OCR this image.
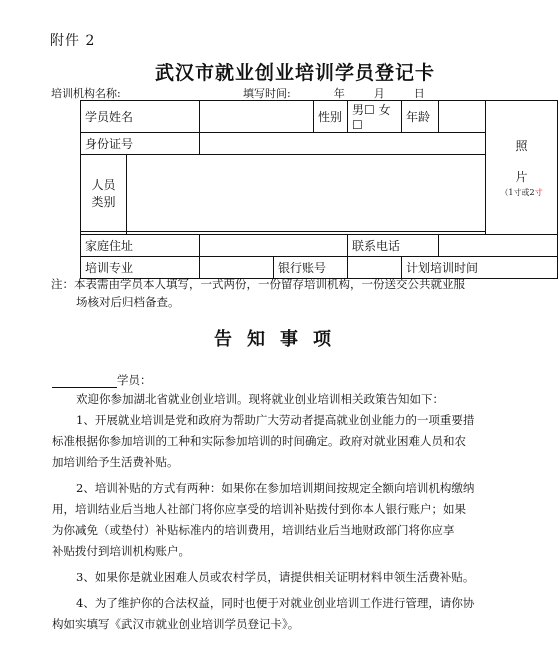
附件 2
武汉市就业创业培训学员登记卡
培训机构名称:	填写时间:	年	月	日
学员姓名				性别	男☐ 女☐	年龄		照
片
（1寸或2寸

身份证号								

人员
类别								

家庭住址					联系电话			
培训专业			银行账号			计划培训时间		
注：本表需由学员本人填写，一式两份，一份留存培训机构，一份送交公共就业服
场核对后归档备查。
告知事项
学员：
欢迎你参加湖北省就业创业培训。现将就业创业培训相关政策告知如下：
1、开展就业培训是党和政府为帮助广大劳动者提高就业创业能力的一项重要措
标准根据你参加培训的工种和实际参加培训的时间确定。政府对就业困难人员和农
加培训给予生活费补贴。
2、培训补贴的方式有两种：如果你在参加培训期间按规定全额向培训机构缴纳
用，培训结业后当地人社部门将你应享受的培训补贴拨付到你本人银行账户；如果
为你减免（或垫付）补贴标准内的培训费用，培训结业后当地财政部门将你应享
补贴拨付到培训机构账户。
3、如果你是就业困难人员或农村学员，请提供相关证明材料申领生活费补贴。
4、为了维护你的合法权益，同时也便于对就业创业培训工作进行管理，请你协
构如实填写《武汉市就业创业培训学员登记卡》。
